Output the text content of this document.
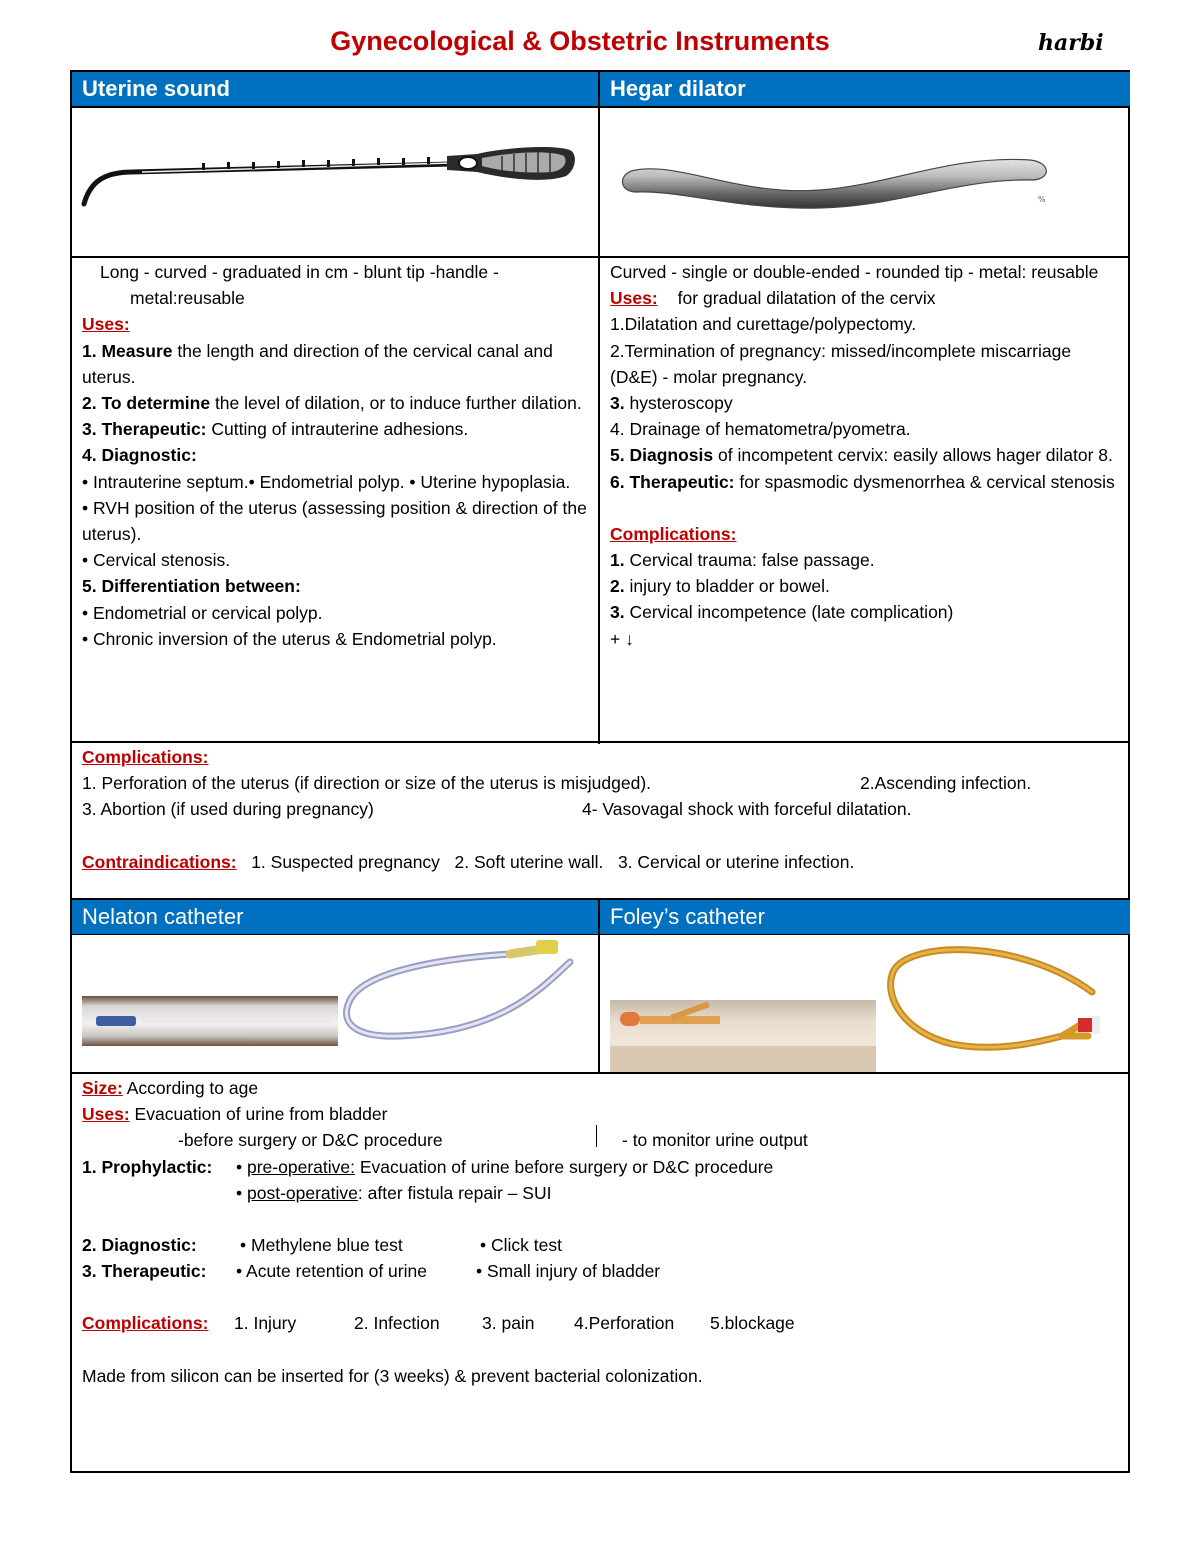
Gynecological & Obstetric Instruments	harbi
Uterine sound	Hegar dilator
Nelaton catheter	Foley’s catheter
%
Long - curved - graduated in cm - blunt tip -handle -
metal:reusable
Uses:
1. Measure the length and direction of the cervical canal and uterus.
2. To determine the level of dilation, or to induce further dilation.
3. Therapeutic: Cutting of intrauterine adhesions.
4. Diagnostic:
• Intrauterine septum.• Endometrial polyp. • Uterine hypoplasia.
• RVH position of the uterus (assessing position & direction of the uterus).
• Cervical stenosis.
5. Differentiation between:
• Endometrial or cervical polyp.
• Chronic inversion of the uterus & Endometrial polyp.
Curved - single or double-ended - rounded tip - metal: reusable
Uses: for gradual dilatation of the cervix
1.Dilatation and curettage/polypectomy.
2.Termination of pregnancy: missed/incomplete miscarriage (D&E) - molar pregnancy.
3. hysteroscopy
4. Drainage of hematometra/pyometra.
5. Diagnosis of incompetent cervix: easily allows hager dilator 8.
6. Therapeutic: for spasmodic dysmenorrhea & cervical stenosis
Complications:
1. Cervical trauma: false passage.
2. injury to bladder or bowel.
3. Cervical incompetence (late complication)
+ ↓
Complications:
1. Perforation of the uterus (if direction or size of the uterus is misjudged).	2.Ascending infection.
3. Abortion (if used during pregnancy)	4- Vasovagal shock with forceful dilatation.
Contraindications: 1. Suspected pregnancy 2. Soft uterine wall. 3. Cervical or uterine infection.
Size: According to age
Uses: Evacuation of urine from bladder
-before surgery or D&C procedure	- to monitor urine output
1. Prophylactic: • pre-operative: Evacuation of urine before surgery or D&C procedure
• post-operative: after fistula repair – SUI
2. Diagnostic: • Methylene blue test	• Click test
3. Therapeutic: • Acute retention of urine	• Small injury of bladder
Complications: 1. Injury	2. Infection 3. pain 4.Perforation 5.blockage
Made from silicon can be inserted for (3 weeks) & prevent bacterial colonization.
